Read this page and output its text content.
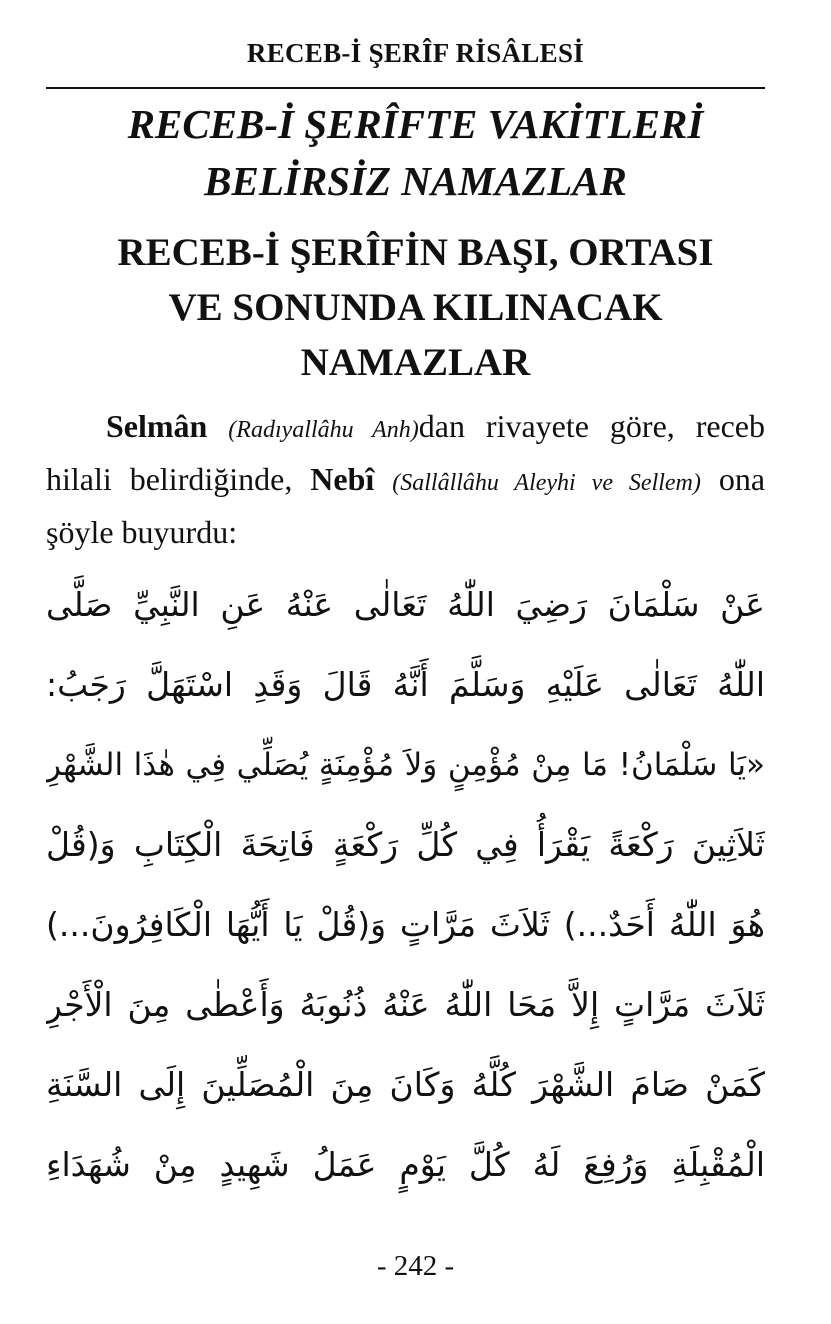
RECEB-İ ŞERÎF RİSÂLESİ
RECEB-İ ŞERÎFTE VAKİTLERİ
BELİRSİZ NAMAZLAR
RECEB-İ ŞERÎFİN BAŞI, ORTASI
VE SONUNDA KILINACAK
NAMAZLAR
Selmân (Radıyallâhu Anh)dan rivayete göre, receb hilali belirdiğinde, Nebî (Sallâllâhu Aleyhi ve Sellem) ona şöyle buyurdu:
عَنْ سَلْمَانَ رَضِيَ اللّٰهُ تَعَالٰى عَنْهُ عَنِ النَّبِيِّ صَلَّى
اللّٰهُ تَعَالٰى عَلَيْهِ وَسَلَّمَ أَنَّهُ قَالَ وَقَدِ اسْتَهَلَّ رَجَبُ:
«يَا سَلْمَانُ! مَا مِنْ مُؤْمِنٍ وَلاَ مُؤْمِنَةٍ يُصَلِّي فِي هٰذَا الشَّهْرِ
ثَلاَثِينَ رَكْعَةً يَقْرَأُ فِي كُلِّ رَكْعَةٍ فَاتِحَةَ الْكِتَابِ وَ(قُلْ
هُوَ اللّٰهُ أَحَدٌ...) ثَلاَثَ مَرَّاتٍ وَ(قُلْ يَا أَيُّهَا الْكَافِرُونَ...)
ثَلاَثَ مَرَّاتٍ إِلاَّ مَحَا اللّٰهُ عَنْهُ ذُنُوبَهُ وَأَعْطٰى مِنَ الْأَجْرِ
كَمَنْ صَامَ الشَّهْرَ كُلَّهُ وَكَانَ مِنَ الْمُصَلِّينَ إِلَى السَّنَةِ
الْمُقْبِلَةِ وَرُفِعَ لَهُ كُلَّ يَوْمٍ عَمَلُ شَهِيدٍ مِنْ شُهَدَاءِ
- 242 -
